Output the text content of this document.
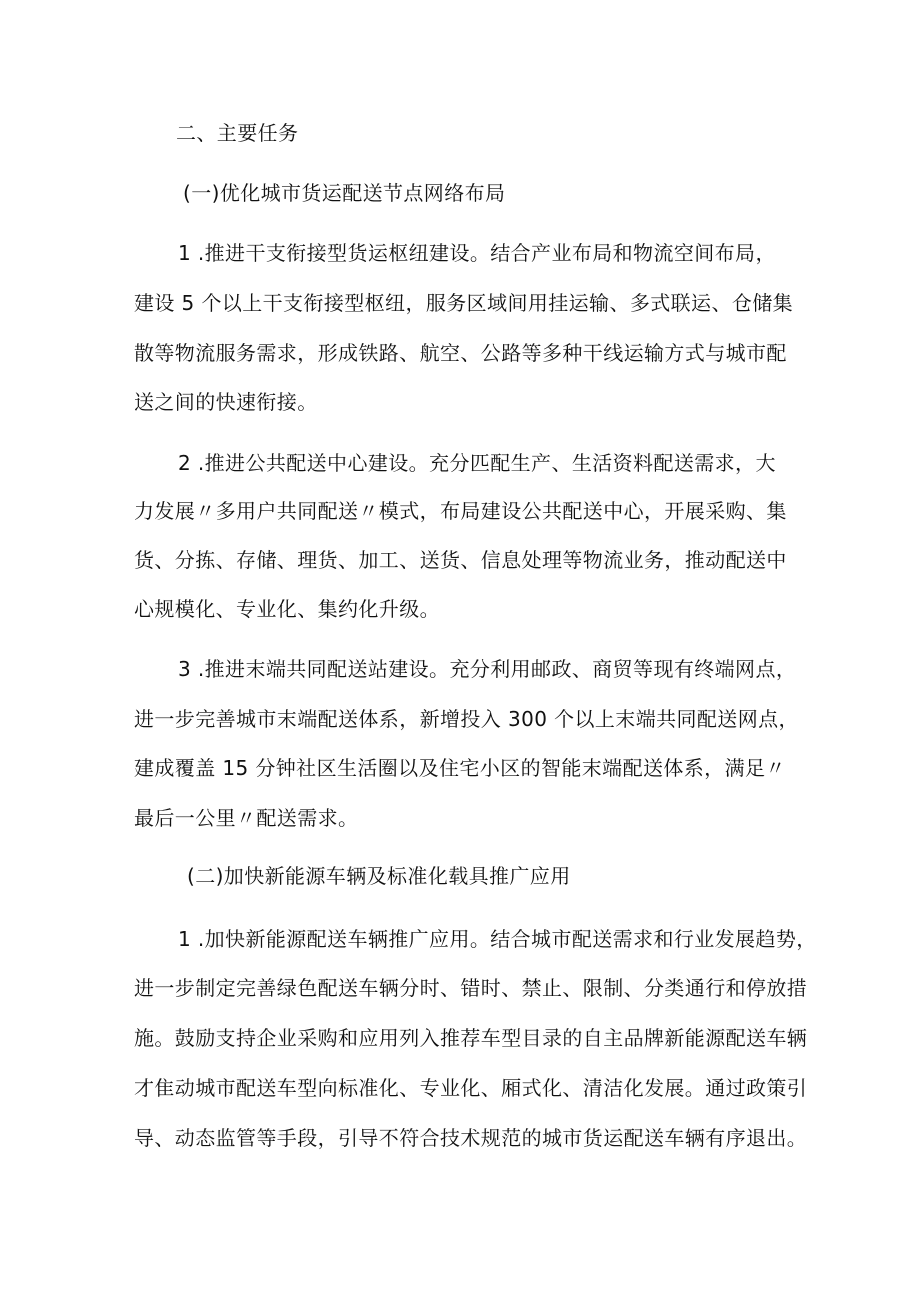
二、主要任务
(一)优化城市货运配送节点网络布局
1 .推进干支衔接型货运枢纽建设。结合产业布局和物流空间布局，
建设 5 个以上干支衔接型枢纽，服务区域间用挂运输、多式联运、仓储集
散等物流服务需求，形成铁路、航空、公路等多种干线运输方式与城市配
送之间的快速衔接。
2 .推进公共配送中心建设。充分匹配生产、生活资料配送需求，大
力发展〃多用户共同配送〃模式，布局建设公共配送中心，开展采购、集
货、分拣、存储、理货、加工、送货、信息处理等物流业务，推动配送中
心规模化、专业化、集约化升级。
3 .推进末端共同配送站建设。充分利用邮政、商贸等现有终端网点，
进一步完善城市末端配送体系，新增投入 300 个以上末端共同配送网点，
建成覆盖 15 分钟社区生活圈以及住宅小区的智能末端配送体系，满足〃
最后一公里〃配送需求。
(二)加快新能源车辆及标准化载具推广应用
1 .加快新能源配送车辆推广应用。结合城市配送需求和行业发展趋势，
进一步制定完善绿色配送车辆分时、错时、禁止、限制、分类通行和停放措
施。鼓励支持企业采购和应用列入推荐车型目录的自主品牌新能源配送车辆
才隹动城市配送车型向标准化、专业化、厢式化、清洁化发展。通过政策引
导、动态监管等手段，引导不符合技术规范的城市货运配送车辆有序退出。
